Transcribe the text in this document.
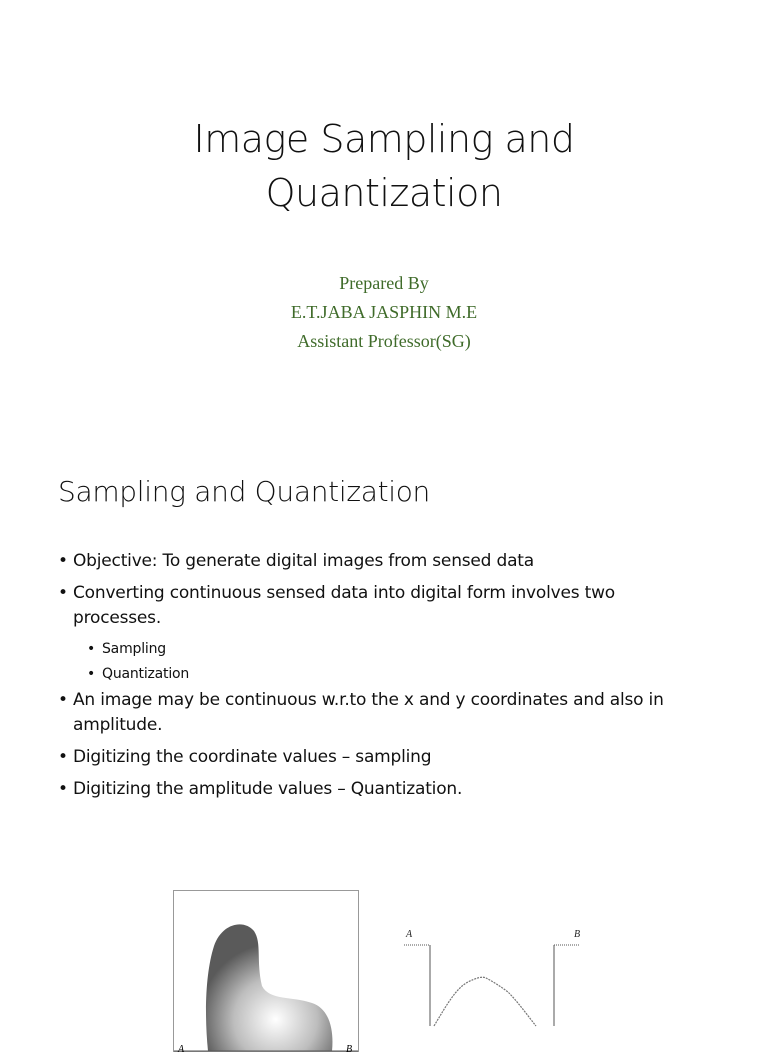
Image Sampling and
Quantization
Prepared By
E.T.JABA JASPHIN M.E
Assistant Professor(SG)
Sampling and Quantization
• Objective: To generate digital images from sensed data
• Converting continuous sensed data into digital form involves two processes.
• Sampling
• Quantization
• An image may be continuous w.r.to the x and y coordinates and also in amplitude.
• Digitizing the coordinate values – sampling
• Digitizing the amplitude values – Quantization.
A	B
A	B
